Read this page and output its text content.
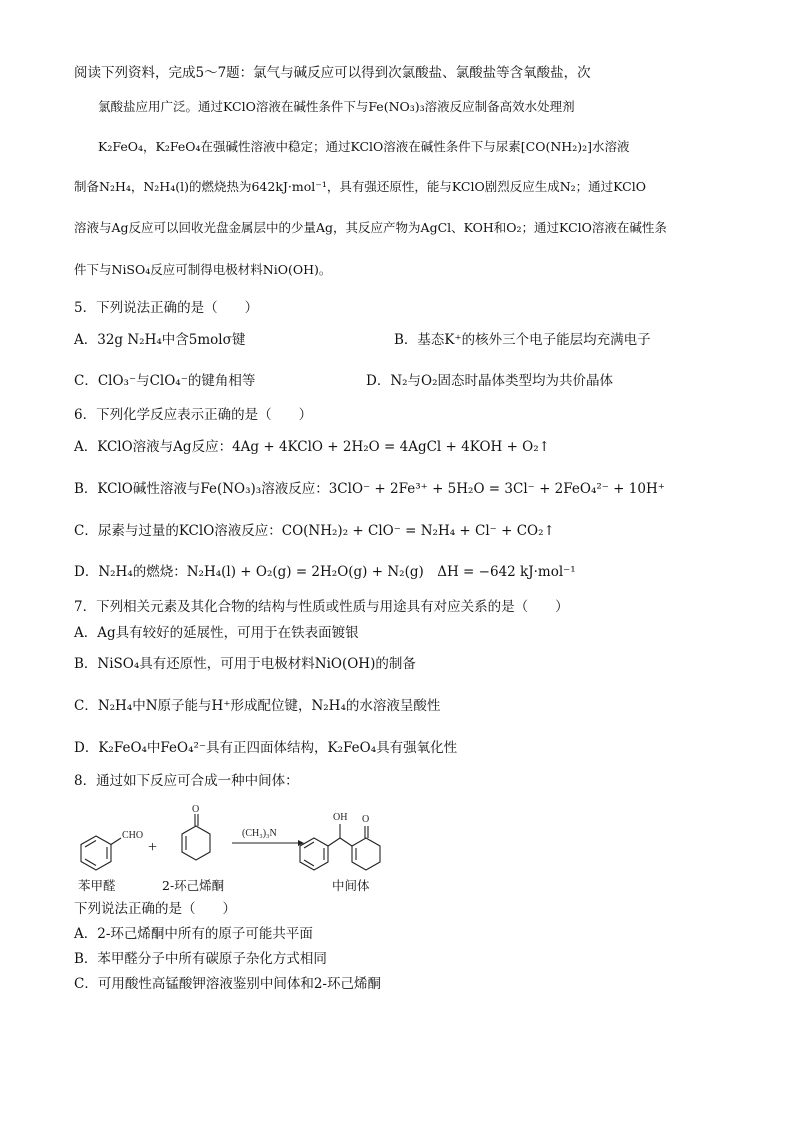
阅读下列资料，完成5～7题：氯气与碱反应可以得到次氯酸盐、氯酸盐等含氧酸盐，次
氯酸盐应用广泛。通过KClO溶液在碱性条件下与Fe(NO₃)₃溶液反应制备高效水处理剂
K₂FeO₄，K₂FeO₄在强碱性溶液中稳定；通过KClO溶液在碱性条件下与尿素[CO(NH₂)₂]水溶液
制备N₂H₄，N₂H₄(l)的燃烧热为642kJ·mol⁻¹，具有强还原性，能与KClO剧烈反应生成N₂；通过KClO
溶液与Ag反应可以回收光盘金属层中的少量Ag，其反应产物为AgCl、KOH和O₂；通过KClO溶液在碱性条
件下与NiSO₄反应可制得电极材料NiO(OH)。
5．下列说法正确的是（　　）
A．32g N₂H₄中含5molσ键	B．基态K⁺的核外三个电子能层均充满电子
C．ClO₃⁻与ClO₄⁻的键角相等	D．N₂与O₂固态时晶体类型均为共价晶体
6．下列化学反应表示正确的是（　　）
A．KClO溶液与Ag反应：4Ag + 4KClO + 2H₂O = 4AgCl + 4KOH + O₂↑
B．KClO碱性溶液与Fe(NO₃)₃溶液反应：3ClO⁻ + 2Fe³⁺ + 5H₂O = 3Cl⁻ + 2FeO₄²⁻ + 10H⁺
C．尿素与过量的KClO溶液反应：CO(NH₂)₂ + ClO⁻ = N₂H₄ + Cl⁻ + CO₂↑
D．N₂H₄的燃烧：N₂H₄(l) + O₂(g) = 2H₂O(g) + N₂(g)　ΔH = −642 kJ·mol⁻¹
7．下列相关元素及其化合物的结构与性质或性质与用途具有对应关系的是（　　）
A．Ag具有较好的延展性，可用于在铁表面镀银
B．NiSO₄具有还原性，可用于电极材料NiO(OH)的制备
C．N₂H₄中N原子能与H⁺形成配位键，N₂H₄的水溶液呈酸性
D．K₂FeO₄中FeO₄²⁻具有正四面体结构，K₂FeO₄具有强氧化性
8．通过如下反应可合成一种中间体：
CHO
O
OH O
(CH₃)₃N
+
苯甲醛	2-环己烯酮	中间体
下列说法正确的是（　　）
A．2-环己烯酮中所有的原子可能共平面
B．苯甲醛分子中所有碳原子杂化方式相同
C．可用酸性高锰酸钾溶液鉴别中间体和2-环己烯酮
